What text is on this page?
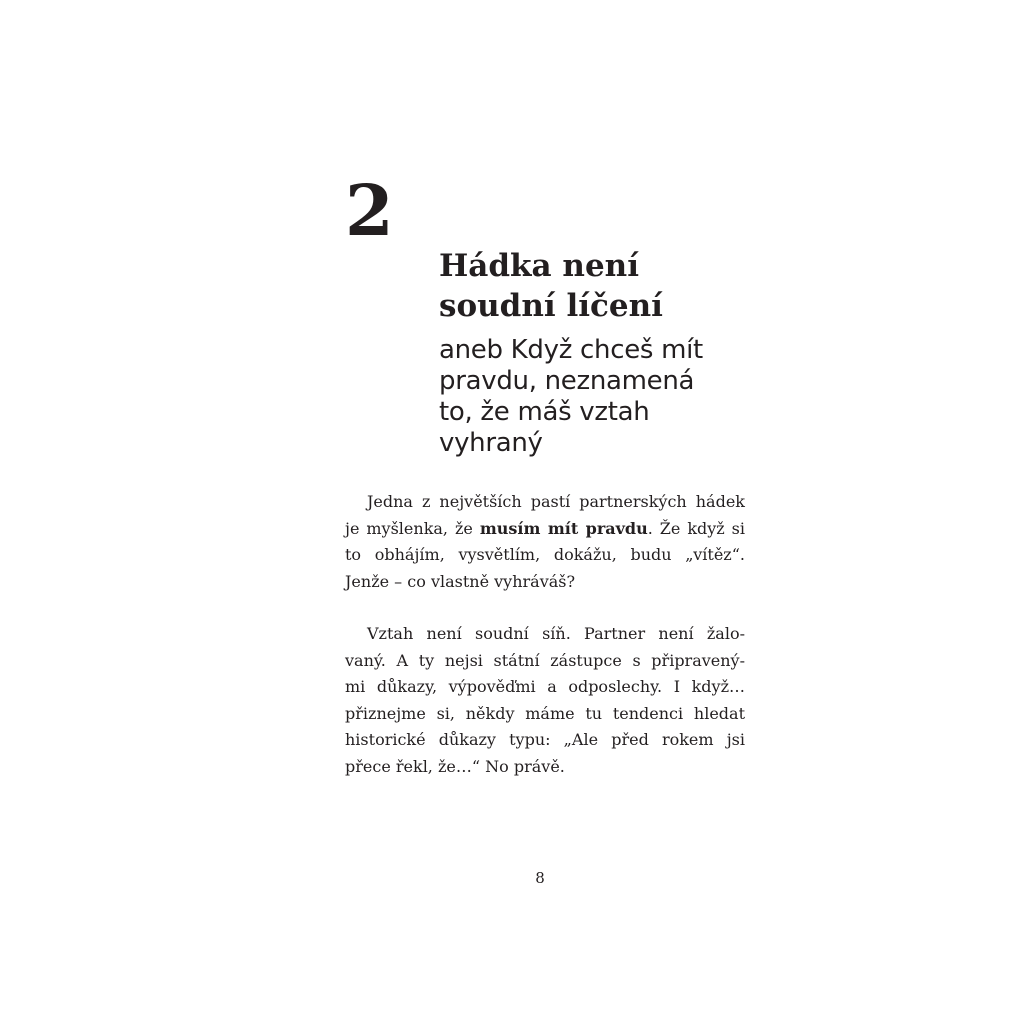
2
Hádka není
soudní líčení
aneb Když chceš mít
pravdu, neznamená
to, že máš vztah
vyhraný

Jedna z největších pastí partnerských hádek
je myšlenka, že musím mít pravdu. Že když si
to obhájím, vysvětlím, dokážu, budu „vítěz“.
Jenže – co vlastně vyhráváš?

Vztah není soudní síň. Partner není žalo-
vaný. A ty nejsi státní zástupce s připravený-
mi důkazy, výpověďmi a odposlechy. I když…
přiznejme si, někdy máme tu tendenci hledat
historické důkazy typu: „Ale před rokem jsi
přece řekl, že…“ No právě.

8
